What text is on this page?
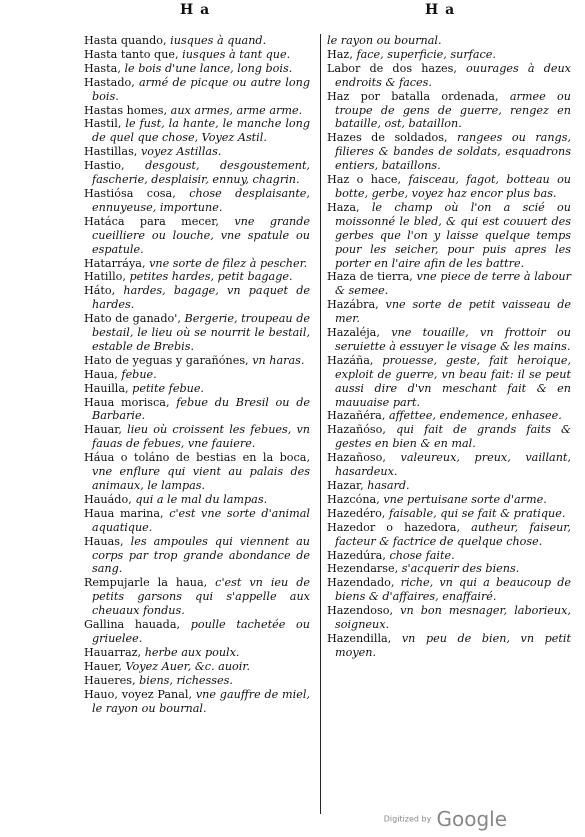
H a	H a

Hasta quando, iusques à quand.

Hasta tanto que, iusques à tant que.

Hasta, le bois d'une lance, long bois.

Hastado, armé de picque ou autre long bois.

Hastas homes, aux armes, arme arme.

Hastil, le fust, la hante, le manche long de quel que chose, Voyez Astil.

Hastillas, voyez Astillas.

Hastio, desgoust, desgoustement, fascherie, desplaisir, ennuy, chagrin.

Hastiósa cosa, chose desplaisante, ennuyeuse, importune.

Hatáca para mecer, vne grande cueilliere ou louche, vne spatule ou espatule.

Hatarráya, vne sorte de filez à pescher.

Hatillo, petites hardes, petit bagage.

Háto, hardes, bagage, vn paquet de hardes.

Hato de ganado', Bergerie, troupeau de bestail, le lieu où se nourrit le bestail, estable de Brebis.

Hato de yeguas y garañónes, vn haras.

Haua, febue.

Hauilla, petite febue.

Haua morisca, febue du Bresil ou de Barbarie.

Hauar, lieu où croissent les febues, vn fauas de febues, vne fauiere.

Háua o toláno de bestias en la boca, vne enflure qui vient au palais des animaux, le lampas.

Hauádo, qui a le mal du lampas.

Haua marina, c'est vne sorte d'animal aquatique.

Hauas, les ampoules qui viennent au corps par trop grande abondance de sang.

Rempujarle la haua, c'est vn ieu de petits garsons qui s'appelle aux cheuaux fondus.

Gallina hauada, poulle tachetée ou griuelee.

Hauarraz, herbe aux poulx.

Hauer, Voyez Auer, &c. auoir.

Haueres, biens, richesses.

Hauo, voyez Panal, vne gauffre de miel, le rayon ou bournal.

le rayon ou bournal.

Haz, face, superficie, surface.

Labor de dos hazes, ouurages à deux endroits & faces.

Haz por batalla ordenada, armee ou troupe de gens de guerre, rengez en bataille, ost, bataillon.

Hazes de soldados, rangees ou rangs, filieres & bandes de soldats, esquadrons entiers, bataillons.

Haz o hace, faisceau, fagot, botteau ou botte, gerbe, voyez haz encor plus bas.

Haza, le champ où l'on a scié ou moissonné le bled, & qui est couuert des gerbes que l'on y laisse quelque temps pour les seicher, pour puis apres les porter en l'aire afin de les battre.

Haza de tierra, vne piece de terre à labour & semee.

Hazábra, vne sorte de petit vaisseau de mer.

Hazaléja, vne touaille, vn frottoir ou seruiette à essuyer le visage & les mains.

Hazáña, prouesse, geste, fait heroique, exploit de guerre, vn beau fait: il se peut aussi dire d'vn meschant fait & en mauuaise part.

Hazañéra, affettee, endemence, enhasee.

Hazañóso, qui fait de grands faits & gestes en bien & en mal.

Hazañoso, valeureux, preux, vaillant, hasardeux.

Hazar, hasard.

Hazcóna, vne pertuisane sorte d'arme.

Hazedéro, faisable, qui se fait & pratique.

Hazedor o hazedora, autheur, faiseur, facteur & factrice de quelque chose.

Hazedúra, chose faite.

Hezendarse, s'acquerir des biens.

Hazendado, riche, vn qui a beaucoup de biens & d'affaires, enaffairé.

Hazendoso, vn bon mesnager, laborieux, soigneux.

Hazendilla, vn peu de bien, vn petit moyen.

Digitized by Google
